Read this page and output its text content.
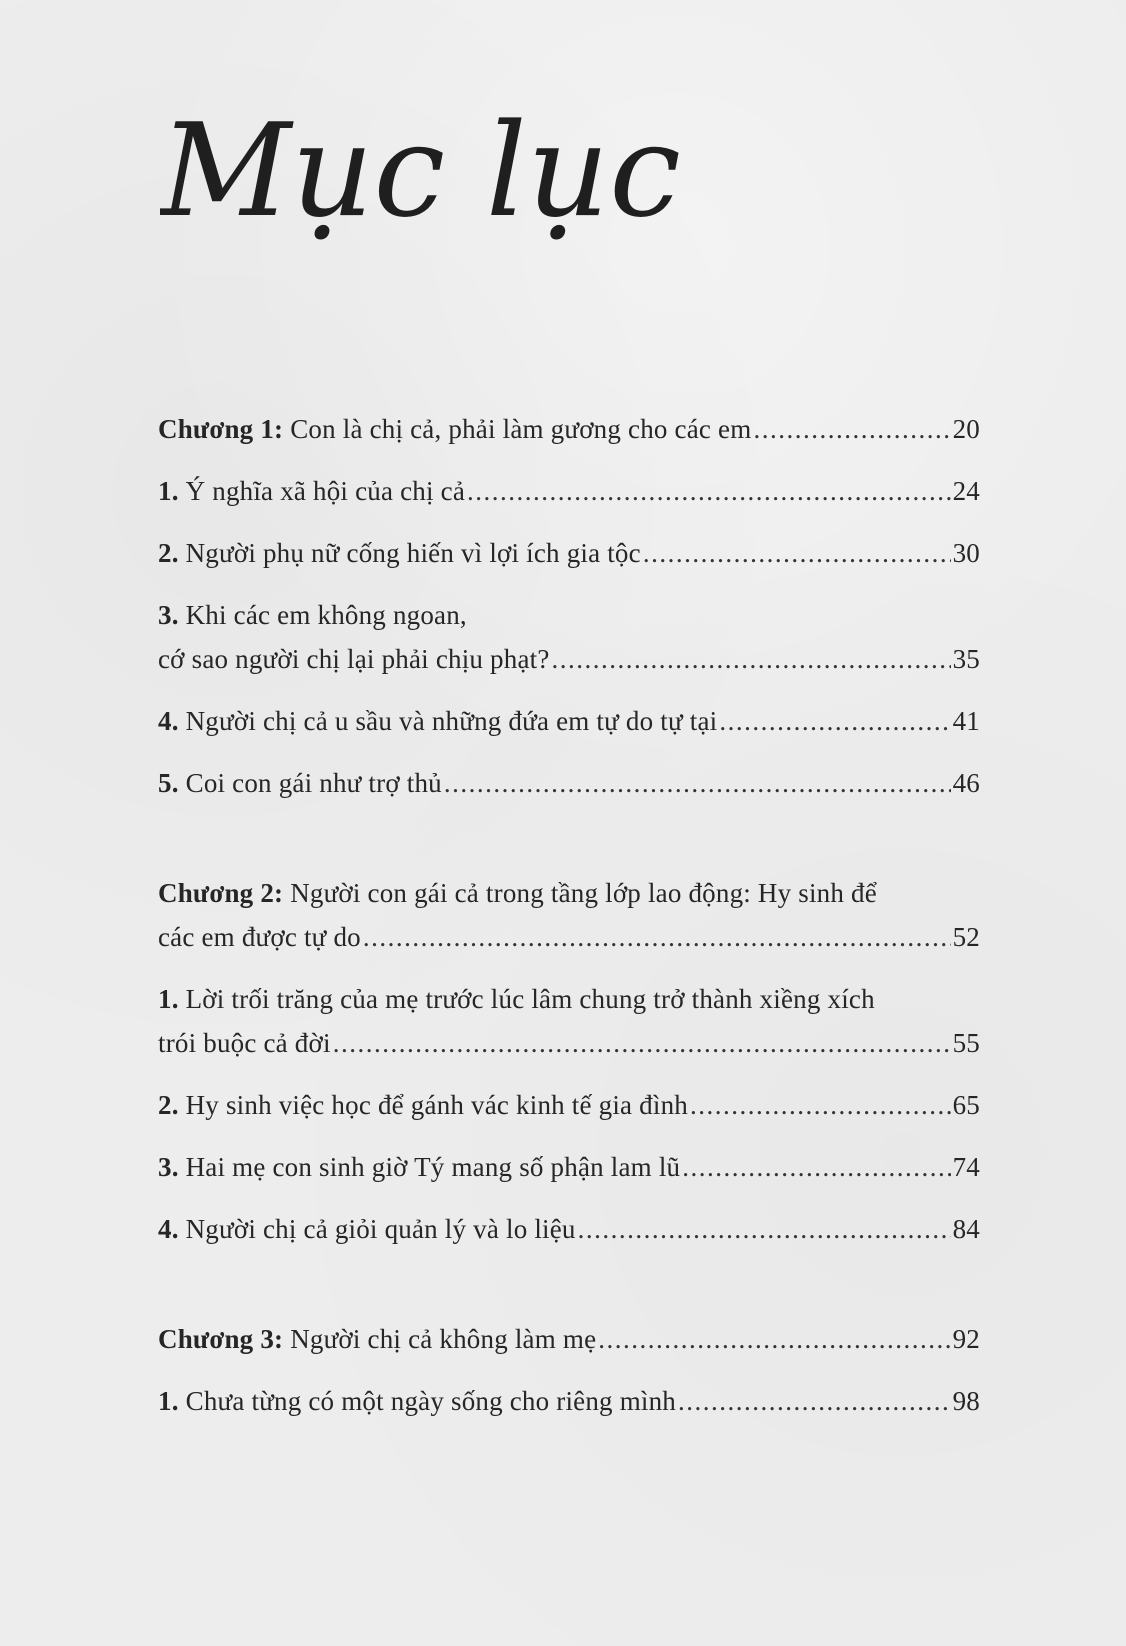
Mục lục
Chương 1: Con là chị cả, phải làm gương cho các em .....	20
1. Ý nghĩa xã hội của chị cả .....	24
2. Người phụ nữ cống hiến vì lợi ích gia tộc .....	30
3. Khi các em không ngoan,
cớ sao người chị lại phải chịu phạt? .....	35
4. Người chị cả u sầu và những đứa em tự do tự tại .....	41
5. Coi con gái như trợ thủ .....	46
Chương 2: Người con gái cả trong tầng lớp lao động: Hy sinh để
các em được tự do .....	52
1. Lời trối trăng của mẹ trước lúc lâm chung trở thành xiềng xích
trói buộc cả đời .....	55
2. Hy sinh việc học để gánh vác kinh tế gia đình .....	65
3. Hai mẹ con sinh giờ Tý mang số phận lam lũ .....	74
4. Người chị cả giỏi quản lý và lo liệu .....	84
Chương 3: Người chị cả không làm mẹ .....	92
1. Chưa từng có một ngày sống cho riêng mình .....	98
